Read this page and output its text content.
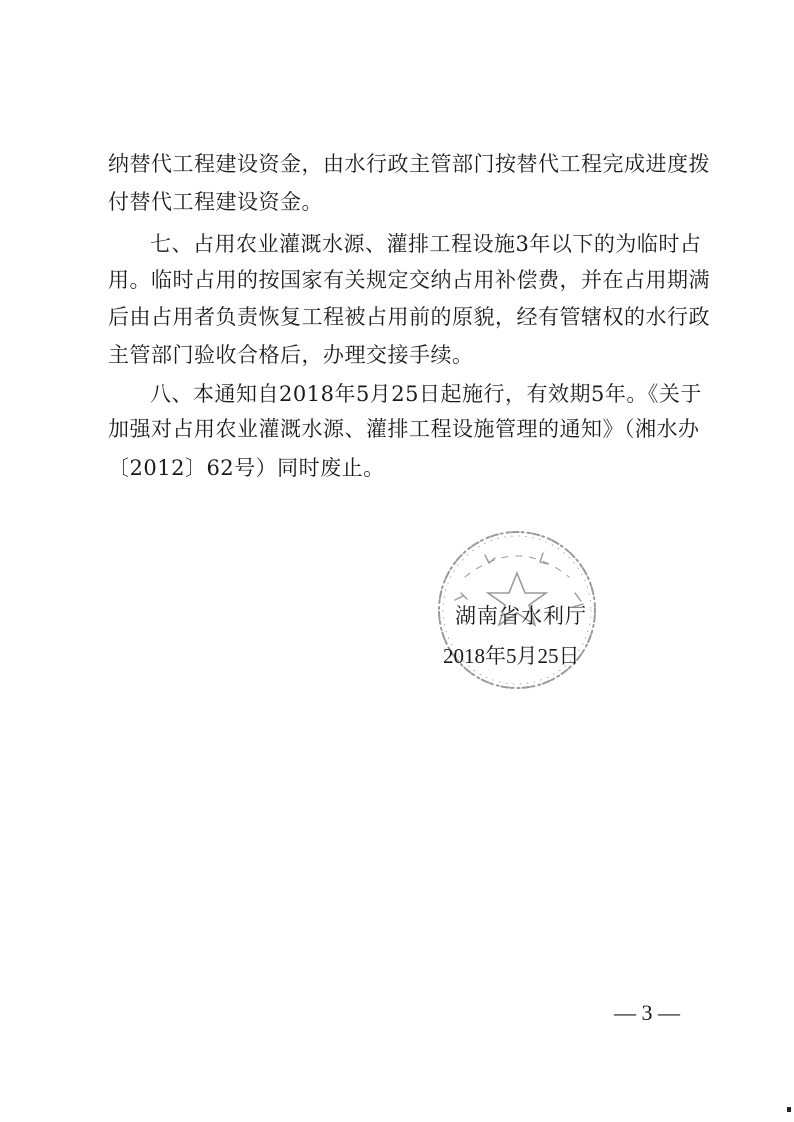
纳替代工程建设资金，由水行政主管部门按替代工程完成进度拨
付替代工程建设资金。
七、占用农业灌溉水源、灌排工程设施3年以下的为临时占
用。临时占用的按国家有关规定交纳占用补偿费，并在占用期满
后由占用者负责恢复工程被占用前的原貌，经有管辖权的水行政
主管部门验收合格后，办理交接手续。
八、本通知自2018年5月25日起施行，有效期5年。《关于
加强对占用农业灌溉水源、灌排工程设施管理的通知》（湘水办
〔2012〕62号）同时废止。
湖南省水利厅
2018年5月25日
— 3 —
